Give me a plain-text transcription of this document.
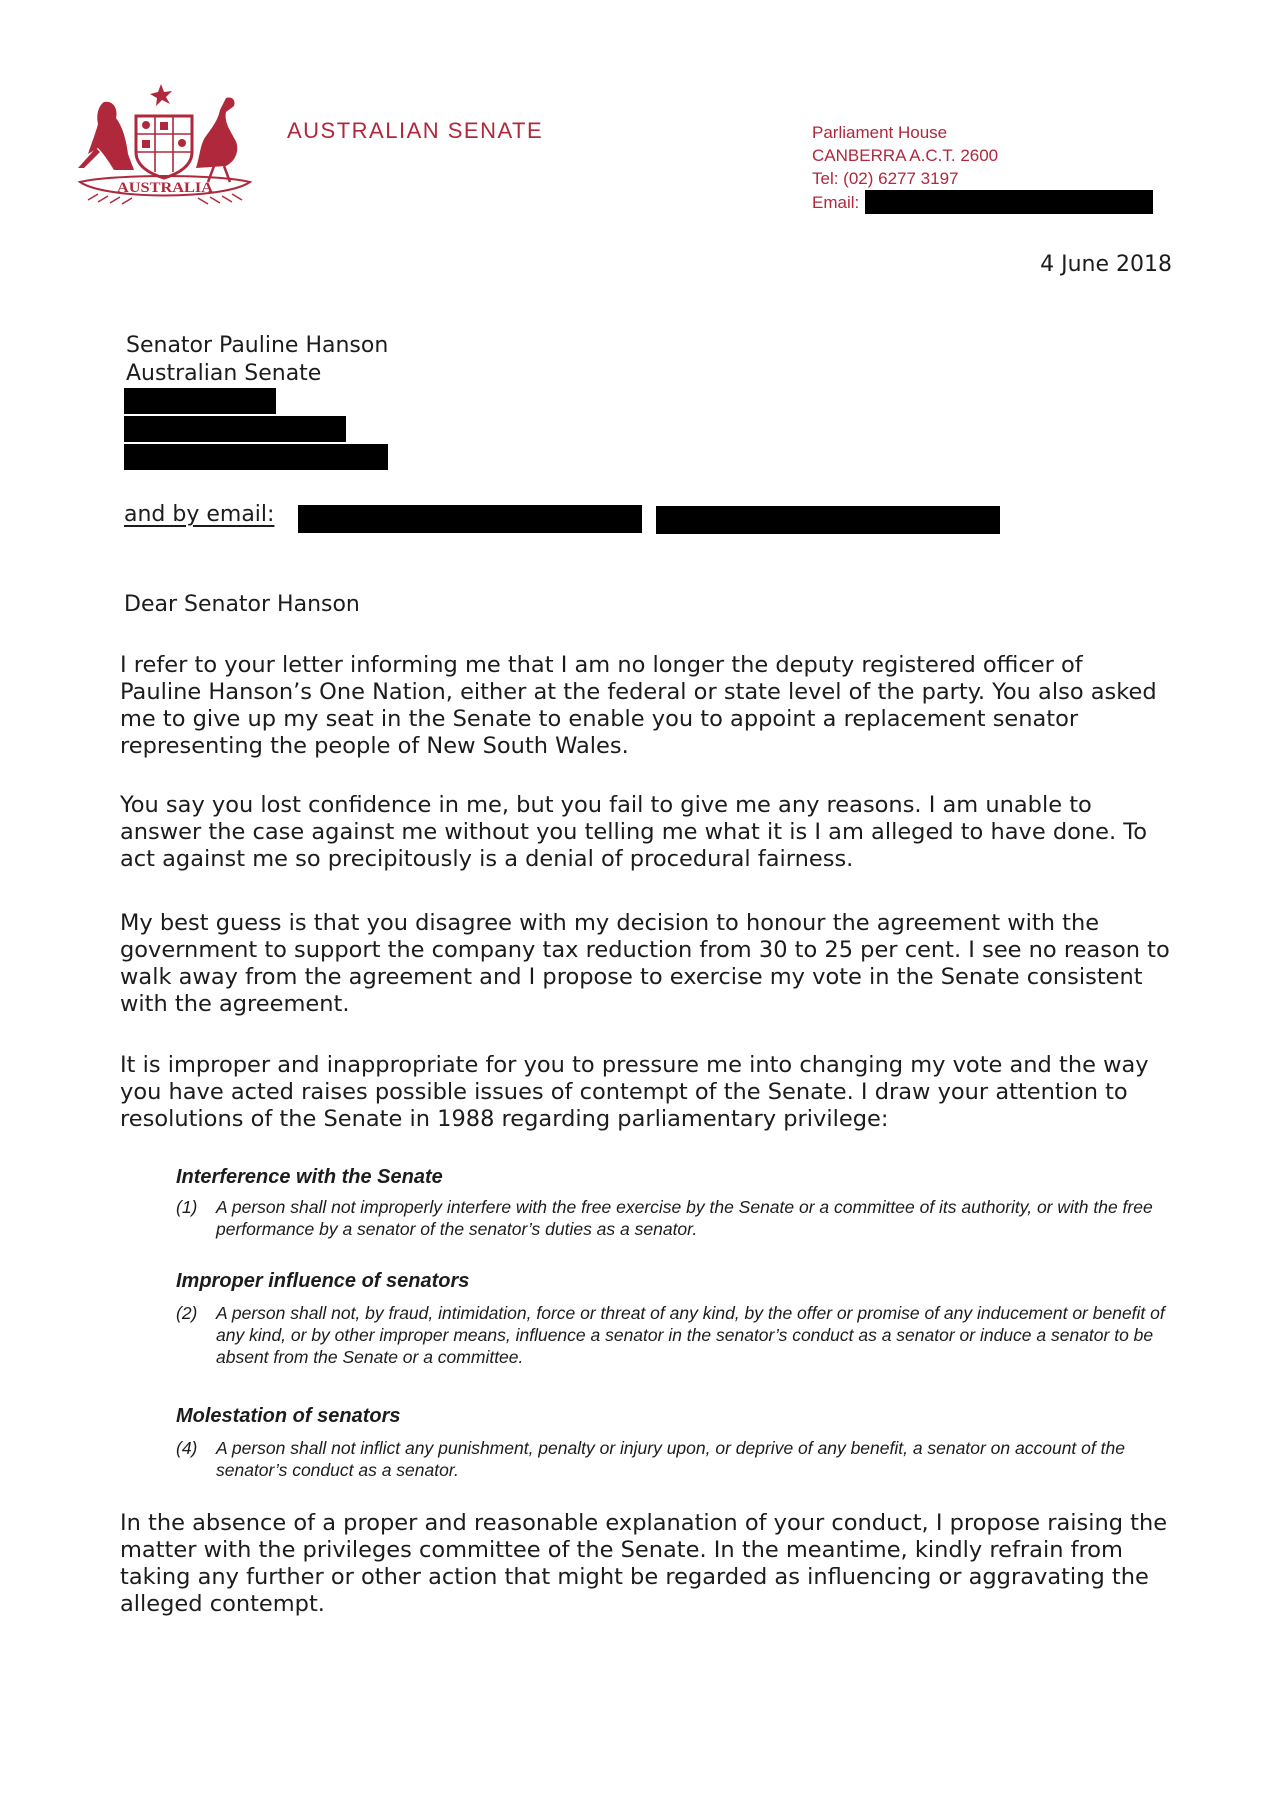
AUSTRALIA
AUSTRALIAN SENATE	Parliament House
CANBERRA A.C.T. 2600
Tel: (02) 6277 3197
Email:
4 June 2018
Senator Pauline Hanson
Australian Senate
and by email:
Dear Senator Hanson

I refer to your letter informing me that I am no longer the deputy registered officer of Pauline Hanson’s One Nation, either at the federal or state level of the party. You also asked me to give up my seat in the Senate to enable you to appoint a replacement senator representing the people of New South Wales.

You say you lost confidence in me, but you fail to give me any reasons. I am unable to answer the case against me without you telling me what it is I am alleged to have done. To act against me so precipitously is a denial of procedural fairness.

My best guess is that you disagree with my decision to honour the agreement with the government to support the company tax reduction from 30 to 25 per cent. I see no reason to walk away from the agreement and I propose to exercise my vote in the Senate consistent with the agreement.

It is improper and inappropriate for you to pressure me into changing my vote and the way you have acted raises possible issues of contempt of the Senate. I draw your attention to resolutions of the Senate in 1988 regarding parliamentary privilege:

Interference with the Senate
(1)	A person shall not improperly interfere with the free exercise by the Senate or a committee of its authority, or with the free performance by a senator of the senator’s duties as a senator.
Improper influence of senators
(2)	A person shall not, by fraud, intimidation, force or threat of any kind, by the offer or promise of any inducement or benefit of any kind, or by other improper means, influence a senator in the senator’s conduct as a senator or induce a senator to be absent from the Senate or a committee.
Molestation of senators
(4)	A person shall not inflict any punishment, penalty or injury upon, or deprive of any benefit, a senator on account of the senator’s conduct as a senator.

In the absence of a proper and reasonable explanation of your conduct, I propose raising the matter with the privileges committee of the Senate. In the meantime, kindly refrain from taking any further or other action that might be regarded as influencing or aggravating the alleged contempt.
